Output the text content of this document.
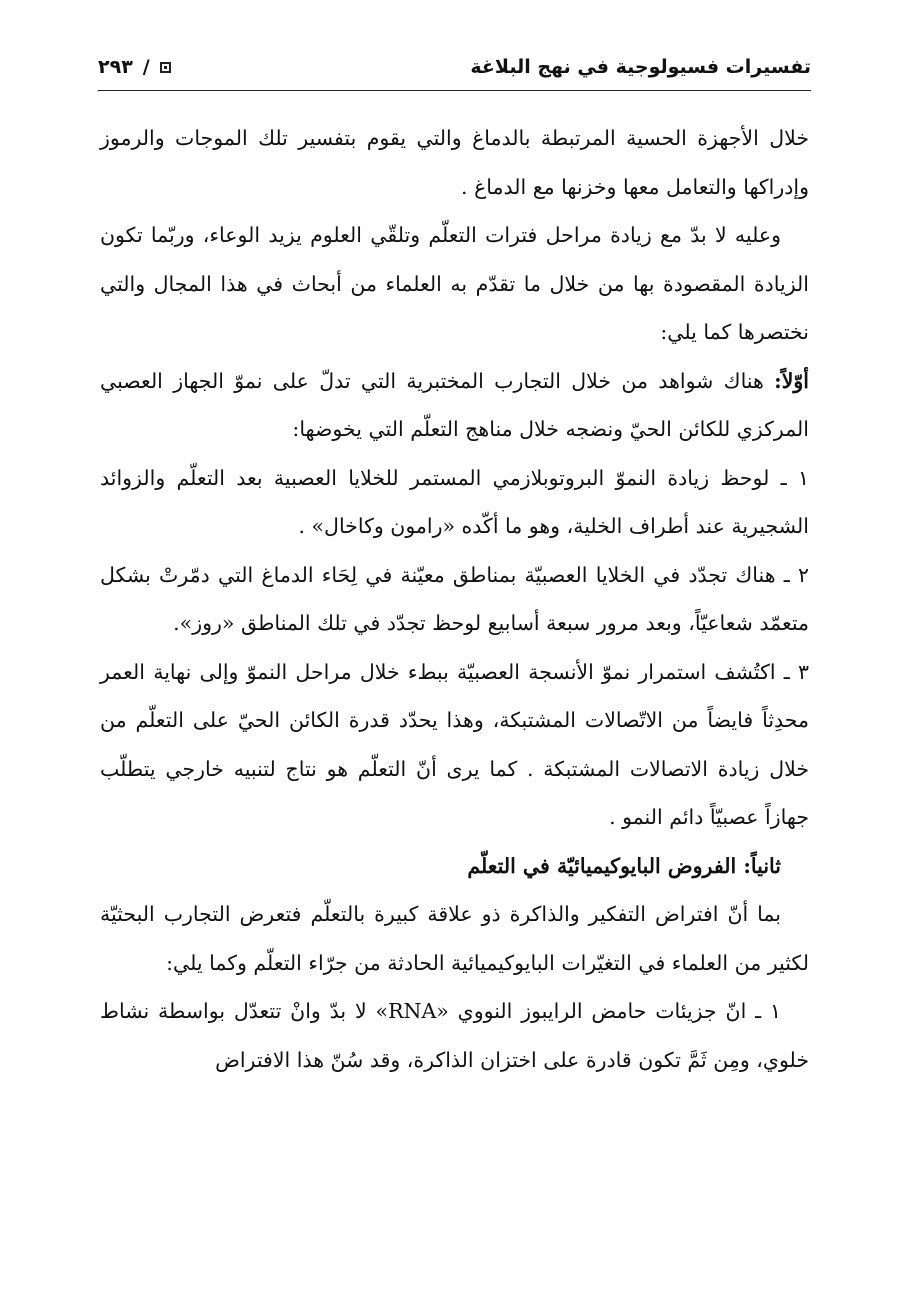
تفسيرات فسيولوجية في نهج البلاغة
/
٢٩٣

خلال الأجهزة الحسية المرتبطة بالدماغ والتي يقوم بتفسير تلك الموجات والرموز وإدراكها والتعامل معها وخزنها مع الدماغ .

وعليه لا بدّ مع زيادة مراحل فترات التعلّم وتلقّي العلوم يزيد الوعاء، وربّما تكون الزيادة المقصودة بها من خلال ما تقدّم به العلماء من أبحاث في هذا المجال والتي نختصرها كما يلي:

أوّلاً: هناك شواهد من خلال التجارب المختبرية التي تدلّ على نموّ الجهاز العصبي المركزي للكائن الحيّ ونضجه خلال مناهج التعلّم التي يخوضها:

١ ـ لوحظ زيادة النموّ البروتوبلازمي المستمر للخلايا العصبية بعد التعلّم والزوائد الشجيرية عند أطراف الخلية، وهو ما أكّده «رامون وكاخال» .

٢ ـ هناك تجدّد في الخلايا العصبيّة بمناطق معيّنة في لِحَاء الدماغ التي دمّرتْ بشكل متعمّد شعاعيّاً، وبعد مرور سبعة أسابيع لوحظ تجدّد في تلك المناطق «روز».

٣ ـ اكتُشف استمرار نموّ الأنسجة العصبيّة ببطء خلال مراحل النموّ وإلى نهاية العمر محدِثاً فايضاً من الاتّصالات المشتبكة، وهذا يحدّد قدرة الكائن الحيّ على التعلّم من خلال زيادة الاتصالات المشتبكة . كما يرى أنّ التعلّم هو نتاج لتنبيه خارجي يتطلّب جهازاً عصبيّاً دائم النمو .

ثانياً: الفروض البايوكيميائيّة في التعلّم

بما أنّ افتراض التفكير والذاكرة ذو علاقة كبيرة بالتعلّم فتعرض التجارب البحثيّة لكثير من العلماء في التغيّرات البايوكيميائية الحادثة من جرّاء التعلّم وكما يلي:

١ ـ انّ جزيئات حامض الرايبوز النووي «RNA» لا بدّ وانْ تتعدّل بواسطة نشاط خلوي، ومِن ثَمَّ تكون قادرة على اختزان الذاكرة، وقد سُنّ هذا الافتراض
